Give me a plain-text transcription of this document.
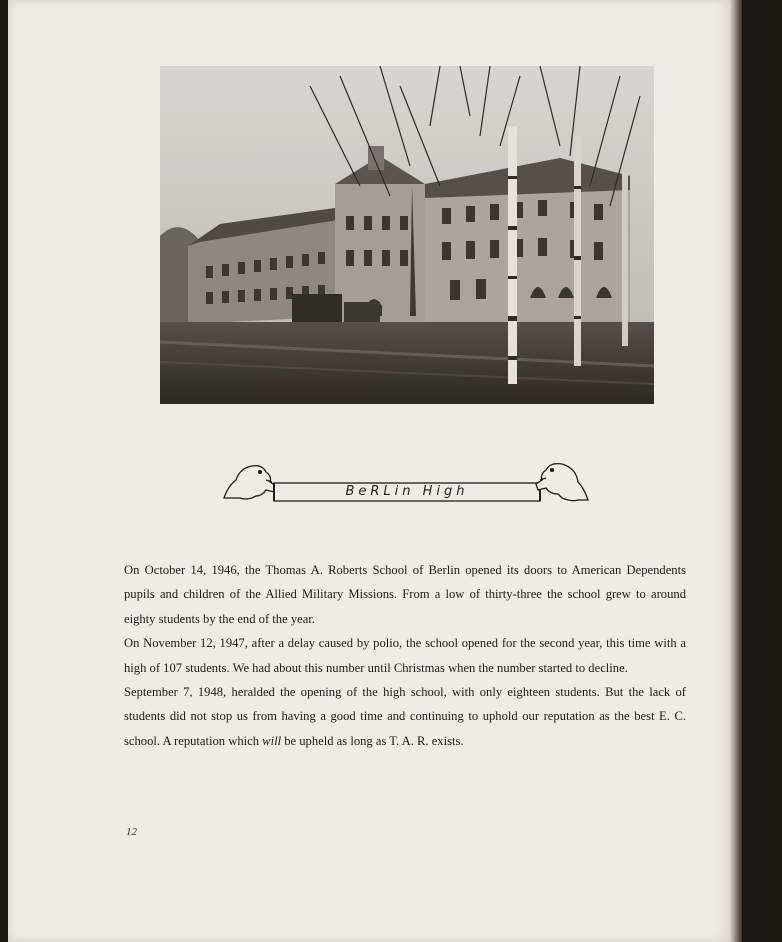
BeRLin High

On October 14, 1946, the Thomas A. Roberts School of Berlin opened its doors to American Dependents pupils and children of the Allied Military Missions. From a low of thirty-three the school grew to around eighty students by the end of the year.

On November 12, 1947, after a delay caused by polio, the school opened for the second year, this time with a high of 107 students. We had about this number until Christmas when the number started to decline.

September 7, 1948, heralded the opening of the high school, with only eighteen students. But the lack of students did not stop us from having a good time and continuing to uphold our reputation as the best E. C. school. A reputation which will be upheld as long as T. A. R. exists.

12
